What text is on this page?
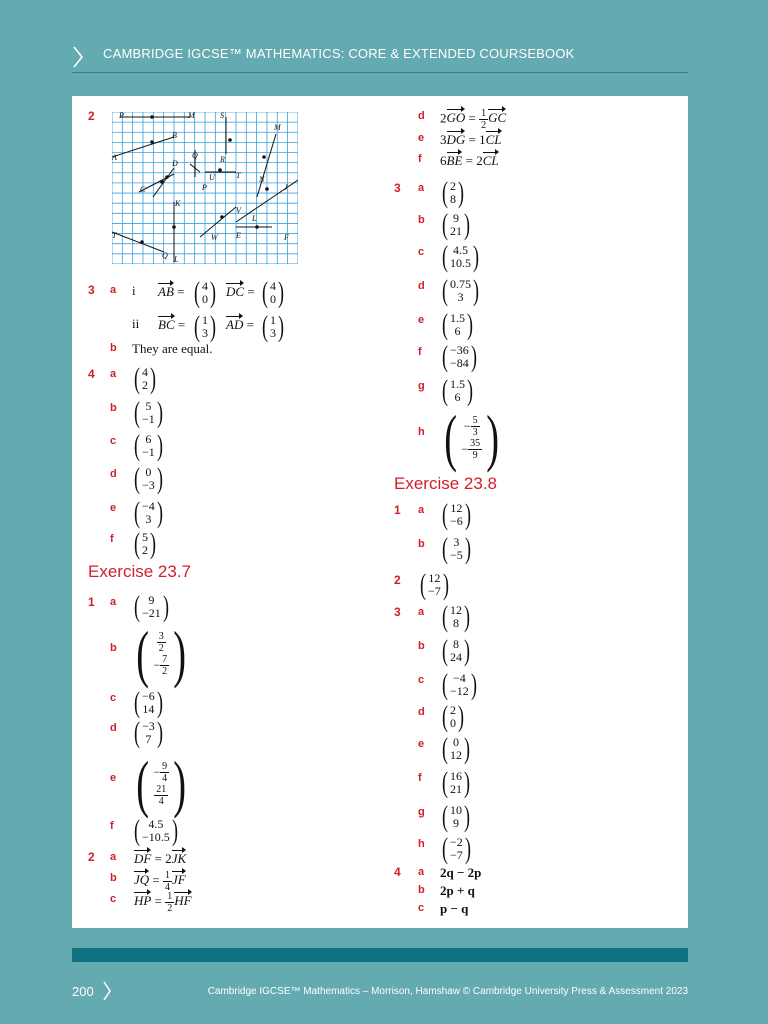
CAMBRIDGE IGCSE™ MATHEMATICS: CORE & EXTENDED COURSEBOOK
2	P	M	S
B
M
A
D
Q	R
U	T N
C	P	J
K
V
L
T	W E	F
Q L
3 a i AB = ( 4
0 ) DC = ( 4
0 )
ii BC = ( 1
3 ) AD = ( 1
3 )
b They are equal.
4 a ( 4
2 )
b ( 5
−1 )
c ( 6
−1 )
d ( 0
−3 )
e ( −4
3 )
f ( 5
2 )
Exercise 23.7
1 a ( 9
−21 )
b ( $\frac{3}{2}$
− $\frac{7}{2}$ )
c ( −6
14 )
d ( −3
7 )
e ( − $\frac{9}{4}$
$\frac{21}{4}$ )
f ( 4.5
−10.5 )
2 a DF = 2JK
b JQ = $\frac{1}{4}$ JF
c HP = $\frac{1}{2}$ HF
d $2GO = \frac{1}{2}$ GC
e 3DG = 1CL
f 6BE = 2CL
3 a ( 2
8 )
b ( 9
21 )
c ( 4.5
10.5 )
d ( 0.75
3 )
e ( 1.5
6 )
f ( −36
−84 )
g ( 1.5
6 )
h ( − $\frac{5}{3}$
− $\frac{35}{9}$ )
Exercise 23.8
1 a ( 12
−6 )
b ( 3
−5 )
2 ( 12
−7 )
3 a ( 12
8 )
b ( 8
24 )
c ( −4
−12 )
d ( 2
0 )
e ( 0
12 )
f ( 16
21 )
g ( 10
9 )
h ( −2
−7 )
4 a 2q − 2p
b 2p + q
c p − q
200	Cambridge IGCSE™ Mathematics – Morrison, Hamshaw © Cambridge University Press & Assessment 2023
